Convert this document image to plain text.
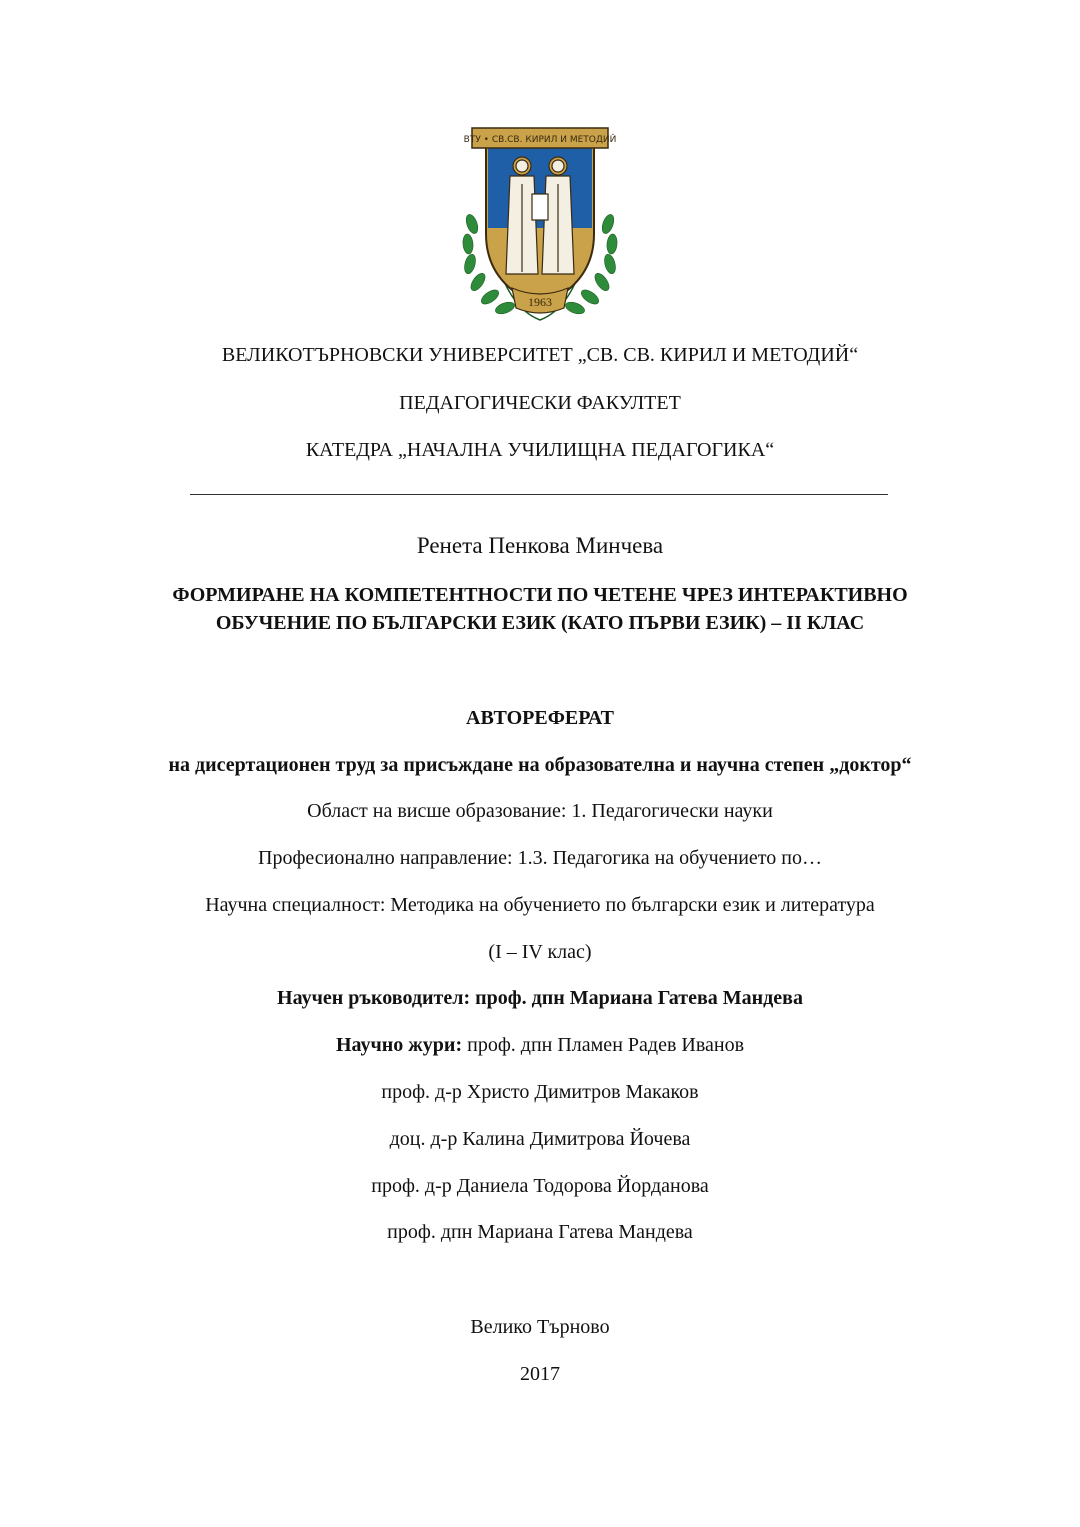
ВТУ • СВ.СВ. КИРИЛ И МЕТОДИЙ
1963
ВЕЛИКОТЪРНОВСКИ УНИВЕРСИТЕТ „СВ. СВ. КИРИЛ И МЕТОДИЙ“
ПЕДАГОГИЧЕСКИ ФАКУЛТЕТ
КАТЕДРА „НАЧАЛНА УЧИЛИЩНА ПЕДАГОГИКА“
Ренета Пенкова Минчева
ФОРМИРАНЕ НА КОМПЕТЕНТНОСТИ ПО ЧЕТЕНЕ ЧРЕЗ ИНТЕРАКТИВНО
ОБУЧЕНИЕ ПО БЪЛГАРСКИ ЕЗИК (КАТО ПЪРВИ ЕЗИК) – II КЛАС
АВТОРЕФЕРАТ
на дисертационен труд за присъждане на образователна и научна степен „доктор“
Област на висше образование: 1. Педагогически науки
Професионално направление: 1.3. Педагогика на обучението по…
Научна специалност: Методика на обучението по български език и литература
(I – IV клас)
Научен ръководител: проф. дпн Мариана Гатева Мандева
Научно жури: проф. дпн Пламен Радев Иванов
проф. д-р Христо Димитров Макаков
доц. д-р Калина Димитрова Йочева
проф. д-р Даниела Тодорова Йорданова
проф. дпн Мариана Гатева Мандева
Велико Търново
2017
